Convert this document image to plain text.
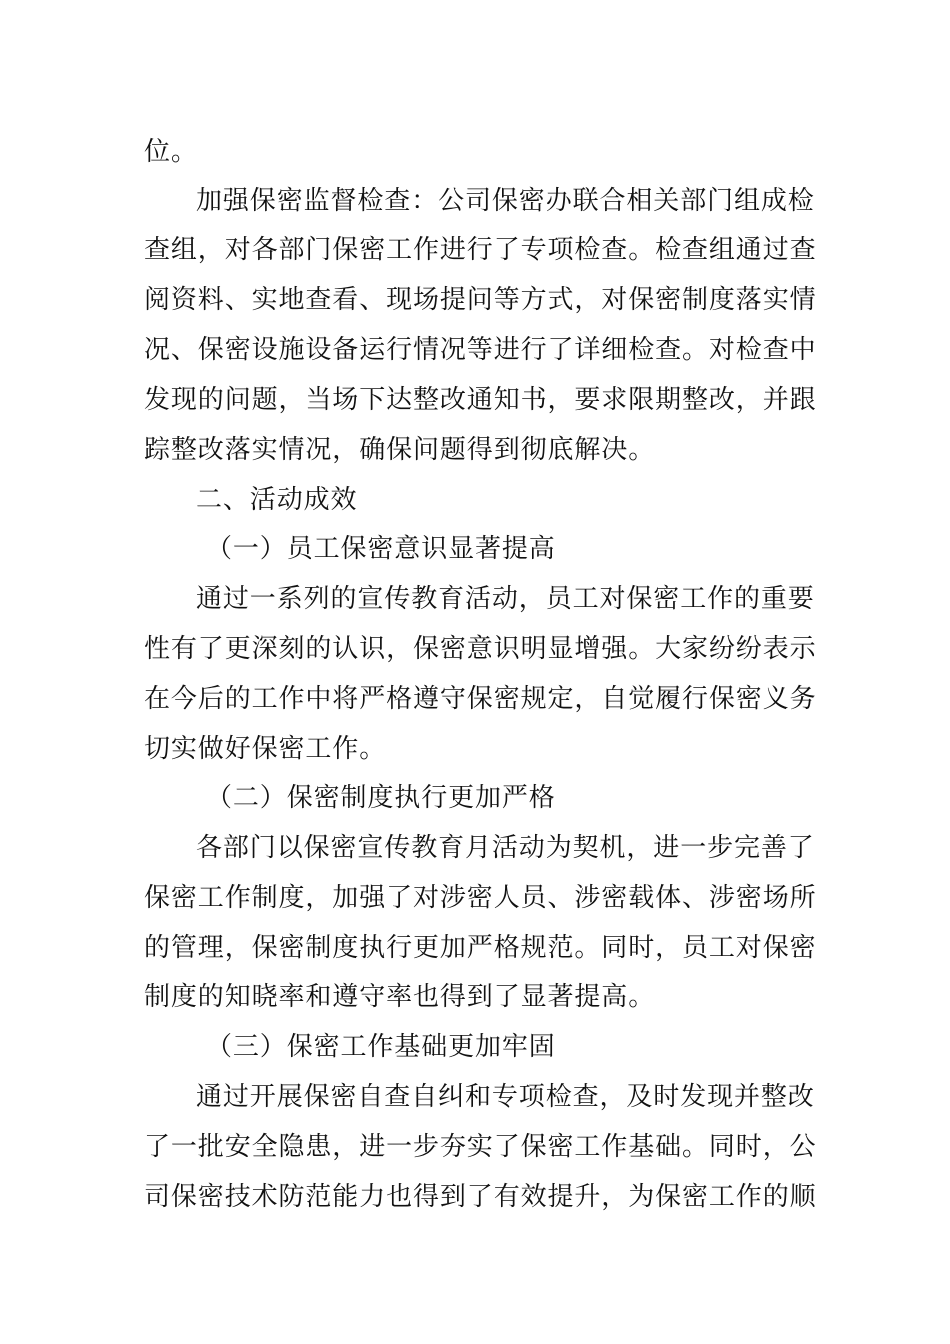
位。

加强保密监督检查：公司保密办联合相关部门组成检

查组，对各部门保密工作进行了专项检查。检查组通过查

阅资料、实地查看、现场提问等方式，对保密制度落实情

况、保密设施设备运行情况等进行了详细检查。对检查中

发现的问题，当场下达整改通知书，要求限期整改，并跟

踪整改落实情况，确保问题得到彻底解决。

二、活动成效

（一）员工保密意识显著提高

通过一系列的宣传教育活动，员工对保密工作的重要

性有了更深刻的认识，保密意识明显增强。大家纷纷表示

在今后的工作中将严格遵守保密规定，自觉履行保密义务

切实做好保密工作。

（二）保密制度执行更加严格

各部门以保密宣传教育月活动为契机，进一步完善了

保密工作制度，加强了对涉密人员、涉密载体、涉密场所

的管理，保密制度执行更加严格规范。同时，员工对保密

制度的知晓率和遵守率也得到了显著提高。

（三）保密工作基础更加牢固

通过开展保密自查自纠和专项检查，及时发现并整改

了一批安全隐患，进一步夯实了保密工作基础。同时，公

司保密技术防范能力也得到了有效提升，为保密工作的顺
